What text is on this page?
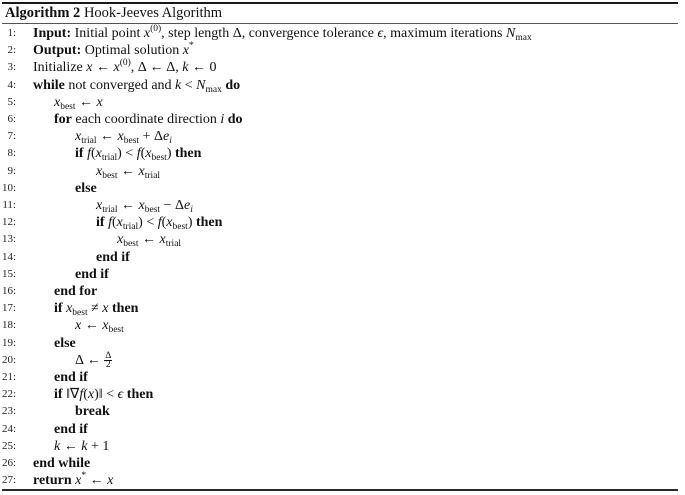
Algorithm 2 Hook-Jeeves Algorithm
1: Input: Initial point $x^{(0)}$, step length Δ, convergence tolerance ϵ, maximum iterations $N_{max}$
2: Output: Optimal solution x*
3: Initialize x ← $x^{(0)}$, Δ ← Δ, k ← 0
4: while not converged and $k < N_{max}$ do
5:	$x_{best}$ ← x
6:	for each coordinate direction i do
7:	$x_{trial}$ ← $x_{best} + \Delta e_i$
8:	if $f(x_{trial}) < f(x_{best})$ then
9:	$x_{best}$ ← $x_{trial}$
10:	else
11:	$x_{trial}$ ← $x_{best} - \Delta e_i$
12:	if $f(x_{trial}) < f(x_{best})$ then
13:	$x_{best}$ ← $x_{trial}$
14:	end if
15:	end if
16:	end for
17:	if $x_{best} \ne x$ then
18:	x ← $x_{best}$
19:	else
20:	Δ ← $\frac{\Delta}{2}$
21:	end if
22:	if ‖∇f(x)‖ < ϵ then
23:	break
24:	end if
25:	k ← k + 1
26: end while
27: return x* ← x
